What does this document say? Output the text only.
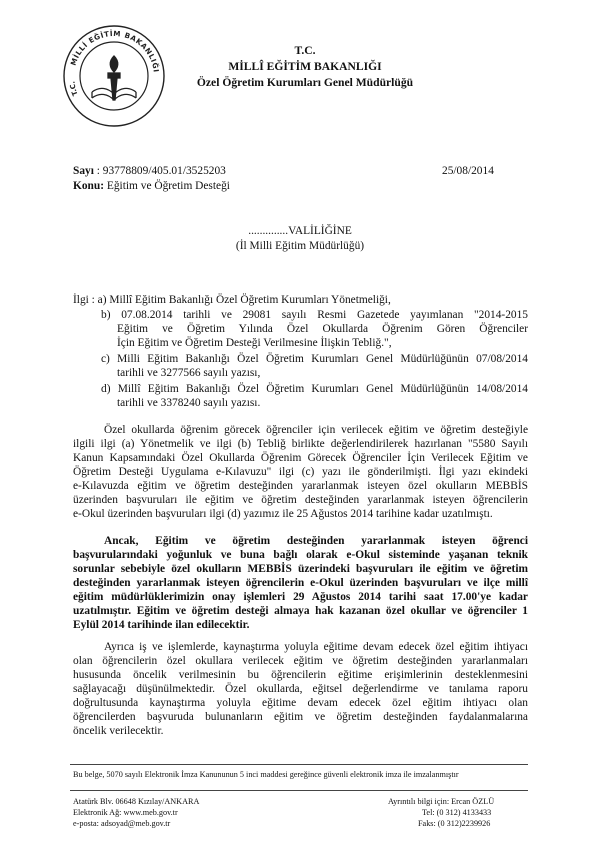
MİLLİ EĞİTİM BAKANLIĞI
T.C.
T.C.
MİLLÎ EĞİTİM BAKANLIĞI
Özel Öğretim Kurumları Genel Müdürlüğü
Sayı : 93778809/405.01/3525203	25/08/2014
Konu: Eğitim ve Öğretim Desteği
..............VALİLİĞİNE
(İl Milli Eğitim Müdürlüğü)
İlgi : a) Millî Eğitim Bakanlığı Özel Öğretim Kurumları Yönetmeliği,
b) 07.08.2014 tarihli ve 29081 sayılı Resmi Gazetede yayımlanan "2014-2015
Eğitim ve Öğretim Yılında Özel Okullarda Öğrenim Gören Öğrenciler
İçin Eğitim ve Öğretim Desteği Verilmesine İlişkin Tebliğ.",
c) Milli Eğitim Bakanlığı Özel Öğretim Kurumları Genel Müdürlüğünün 07/08/2014
tarihli ve 3277566 sayılı yazısı,
d) Millî Eğitim Bakanlığı Özel Öğretim Kurumları Genel Müdürlüğünün 14/08/2014
tarihli ve 3378240 sayılı yazısı.
Özel okullarda öğrenim görecek öğrenciler için verilecek eğitim ve öğretim desteğiyle
ilgili ilgi (a) Yönetmelik ve ilgi (b) Tebliğ birlikte değerlendirilerek hazırlanan "5580 Sayılı
Kanun Kapsamındaki Özel Okullarda Öğrenim Görecek Öğrenciler İçin Verilecek Eğitim ve
Öğretim Desteği Uygulama e-Kılavuzu" ilgi (c) yazı ile gönderilmişti. İlgi yazı ekindeki
e-Kılavuzda eğitim ve öğretim desteğinden yararlanmak isteyen özel okulların MEBBİS
üzerinden başvuruları ile eğitim ve öğretim desteğinden yararlanmak isteyen öğrencilerin
e-Okul üzerinden başvuruları ilgi (d) yazımız ile 25 Ağustos 2014 tarihine kadar uzatılmıştı.
Ancak, Eğitim ve öğretim desteğinden yararlanmak isteyen öğrenci
başvurularındaki yoğunluk ve buna bağlı olarak e-Okul sisteminde yaşanan teknik
sorunlar sebebiyle özel okulların MEBBİS üzerindeki başvuruları ile eğitim ve öğretim
desteğinden yararlanmak isteyen öğrencilerin e-Okul üzerinden başvuruları ve ilçe millî
eğitim müdürlüklerimizin onay işlemleri 29 Ağustos 2014 tarihi saat 17.00'ye kadar
uzatılmıştır. Eğitim ve öğretim desteği almaya hak kazanan özel okullar ve öğrenciler 1
Eylül 2014 tarihinde ilan edilecektir.
Ayrıca iş ve işlemlerde, kaynaştırma yoluyla eğitime devam edecek özel eğitim ihtiyacı
olan öğrencilerin özel okullara verilecek eğitim ve öğretim desteğinden yararlanmaları
hususunda öncelik verilmesinin bu öğrencilerin eğitime erişimlerinin desteklenmesini
sağlayacağı düşünülmektedir. Özel okullarda, eğitsel değerlendirme ve tanılama raporu
doğrultusunda kaynaştırma yoluyla eğitime devam edecek özel eğitim ihtiyacı olan
öğrencilerden başvuruda bulunanların eğitim ve öğretim desteğinden faydalanmalarına
öncelik verilecektir.
Bu belge, 5070 sayılı Elektronik İmza Kanununun 5 inci maddesi gereğince güvenli elektronik imza ile imzalanmıştır
Atatürk Blv. 06648 Kızılay/ANKARA
Elektronik Ağ: www.meb.gov.tr
e-posta: adsoyad@meb.gov.tr
Ayrıntılı bilgi için: Ercan ÖZLÜ
Tel: (0 312) 4133433
Faks: (0 312)2239926
